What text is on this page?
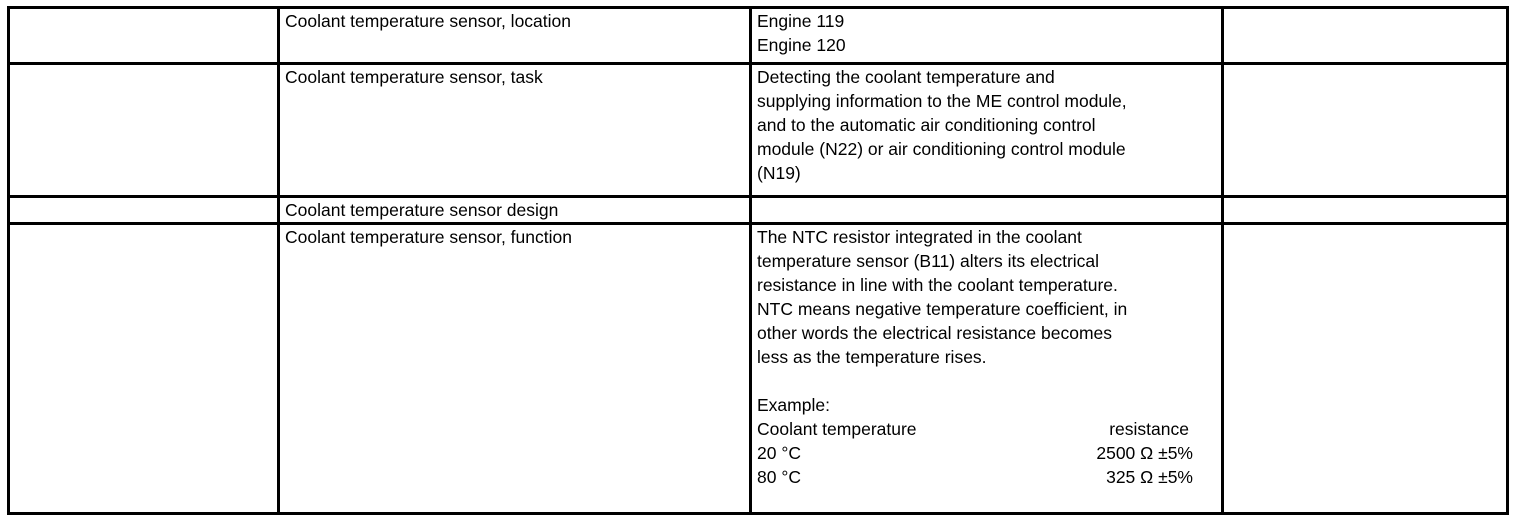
	Coolant temperature sensor, location	Engine 119
Engine 120

	Coolant temperature sensor, task	Detecting the coolant temperature and
supplying information to the ME control module,
and to the automatic air conditioning control
module (N22) or air conditioning control module
(N19)

	Coolant temperature sensor design		
	Coolant temperature sensor, function	The NTC resistor integrated in the coolant
temperature sensor (B11) alters its electrical
resistance in line with the coolant temperature.
NTC means negative temperature coefficient, in
other words the electrical resistance becomes
less as the temperature rises.
Example:
Coolant temperature	resistance
20 °C	2500 Ω ±5%
80 °C	325 Ω ±5%
